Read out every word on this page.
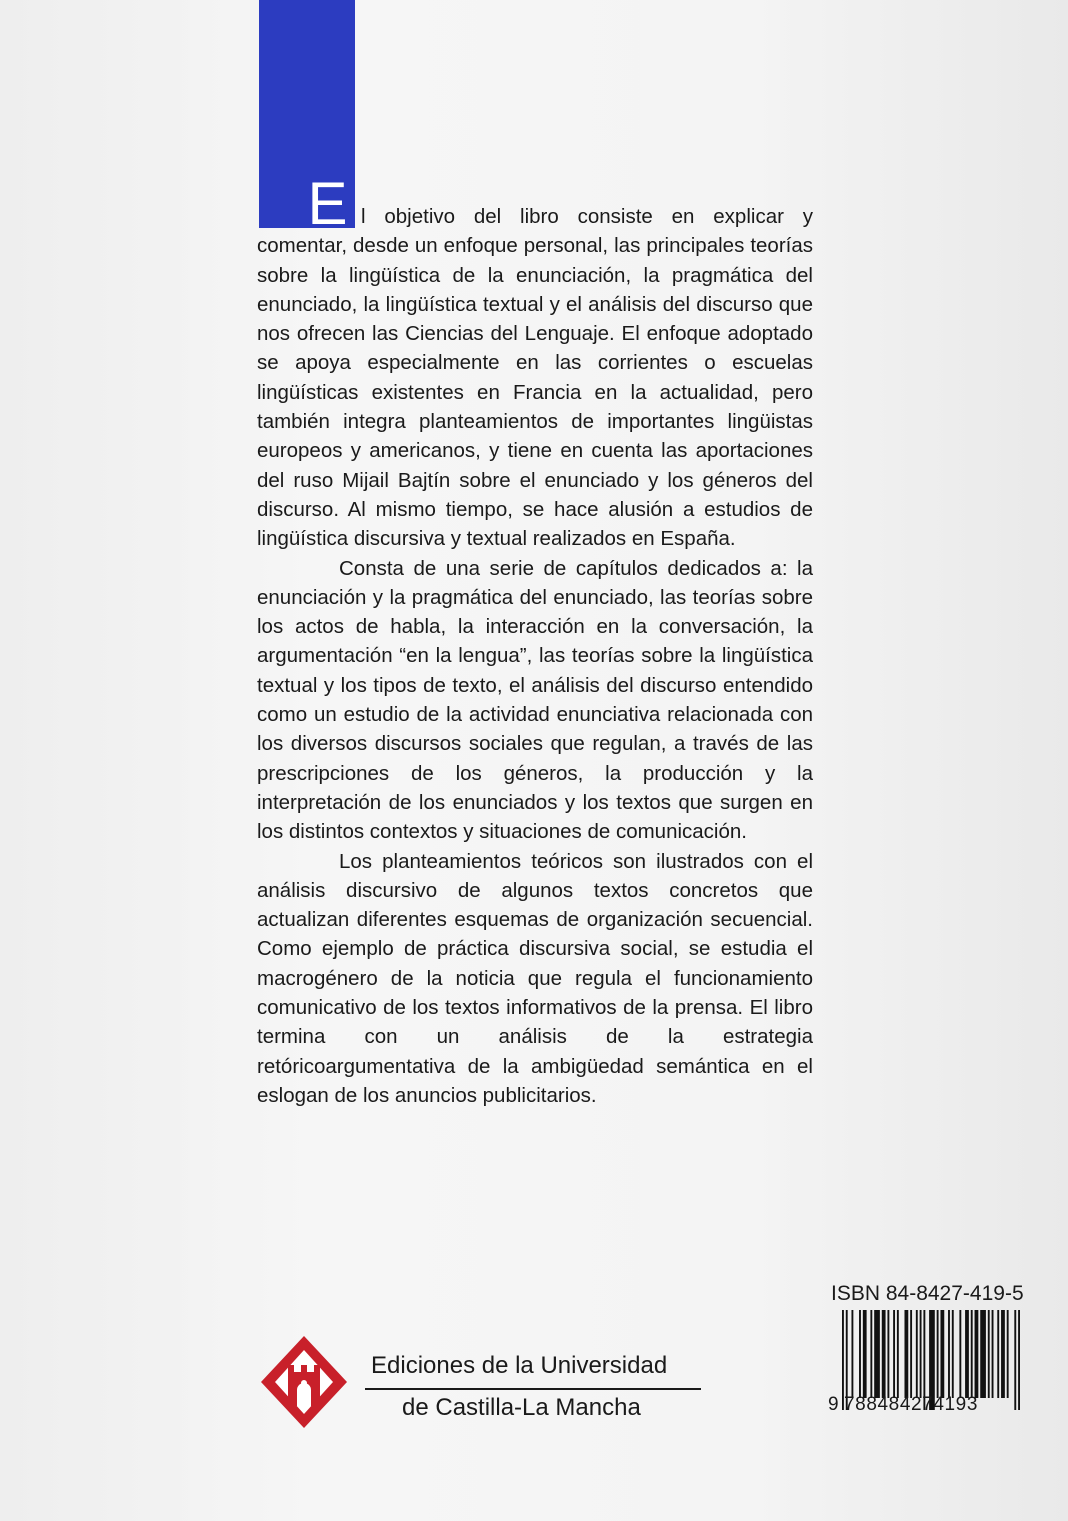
E l objetivo del libro consiste en explicar y comentar, desde un enfoque personal, las principales teorías sobre la lingüística de la enunciación, la pragmática del enunciado, la lingüística textual y el análisis del discurso que nos ofrecen las Ciencias del Lenguaje. El enfoque adoptado se apoya especialmente en las corrientes o escuelas lingüísticas existentes en Francia en la actualidad, pero también integra planteamientos de importantes lingüistas europeos y americanos, y tiene en cuenta las aportaciones del ruso Mijail Bajtín sobre el enunciado y los géneros del discurso. Al mismo tiempo, se hace alusión a estudios de lingüística discursiva y textual realizados en España.

Consta de una serie de capítulos dedicados a: la enunciación y la pragmática del enunciado, las teorías sobre los actos de habla, la interacción en la conversación, la argumentación “en la lengua”, las teorías sobre la lingüística textual y los tipos de texto, el análisis del discurso entendido como un estudio de la actividad enunciativa relacionada con los diversos discursos sociales que regulan, a través de las prescripciones de los géneros, la producción y la interpretación de los enunciados y los textos que surgen en los distintos contextos y situaciones de comunicación.

Los planteamientos teóricos son ilustrados con el análisis discursivo de algunos textos concretos que actualizan diferentes esquemas de organización secuencial. Como ejemplo de práctica discursiva social, se estudia el macrogénero de la noticia que regula el funcionamiento comunicativo de los textos informativos de la prensa. El libro termina con un análisis de la estrategia retóricoargumentativa de la ambigüedad semántica en el eslogan de los anuncios publicitarios.

Ediciones de la Universidad
de Castilla-La Mancha
ISBN 84-8427-419-5
9 788484274193
